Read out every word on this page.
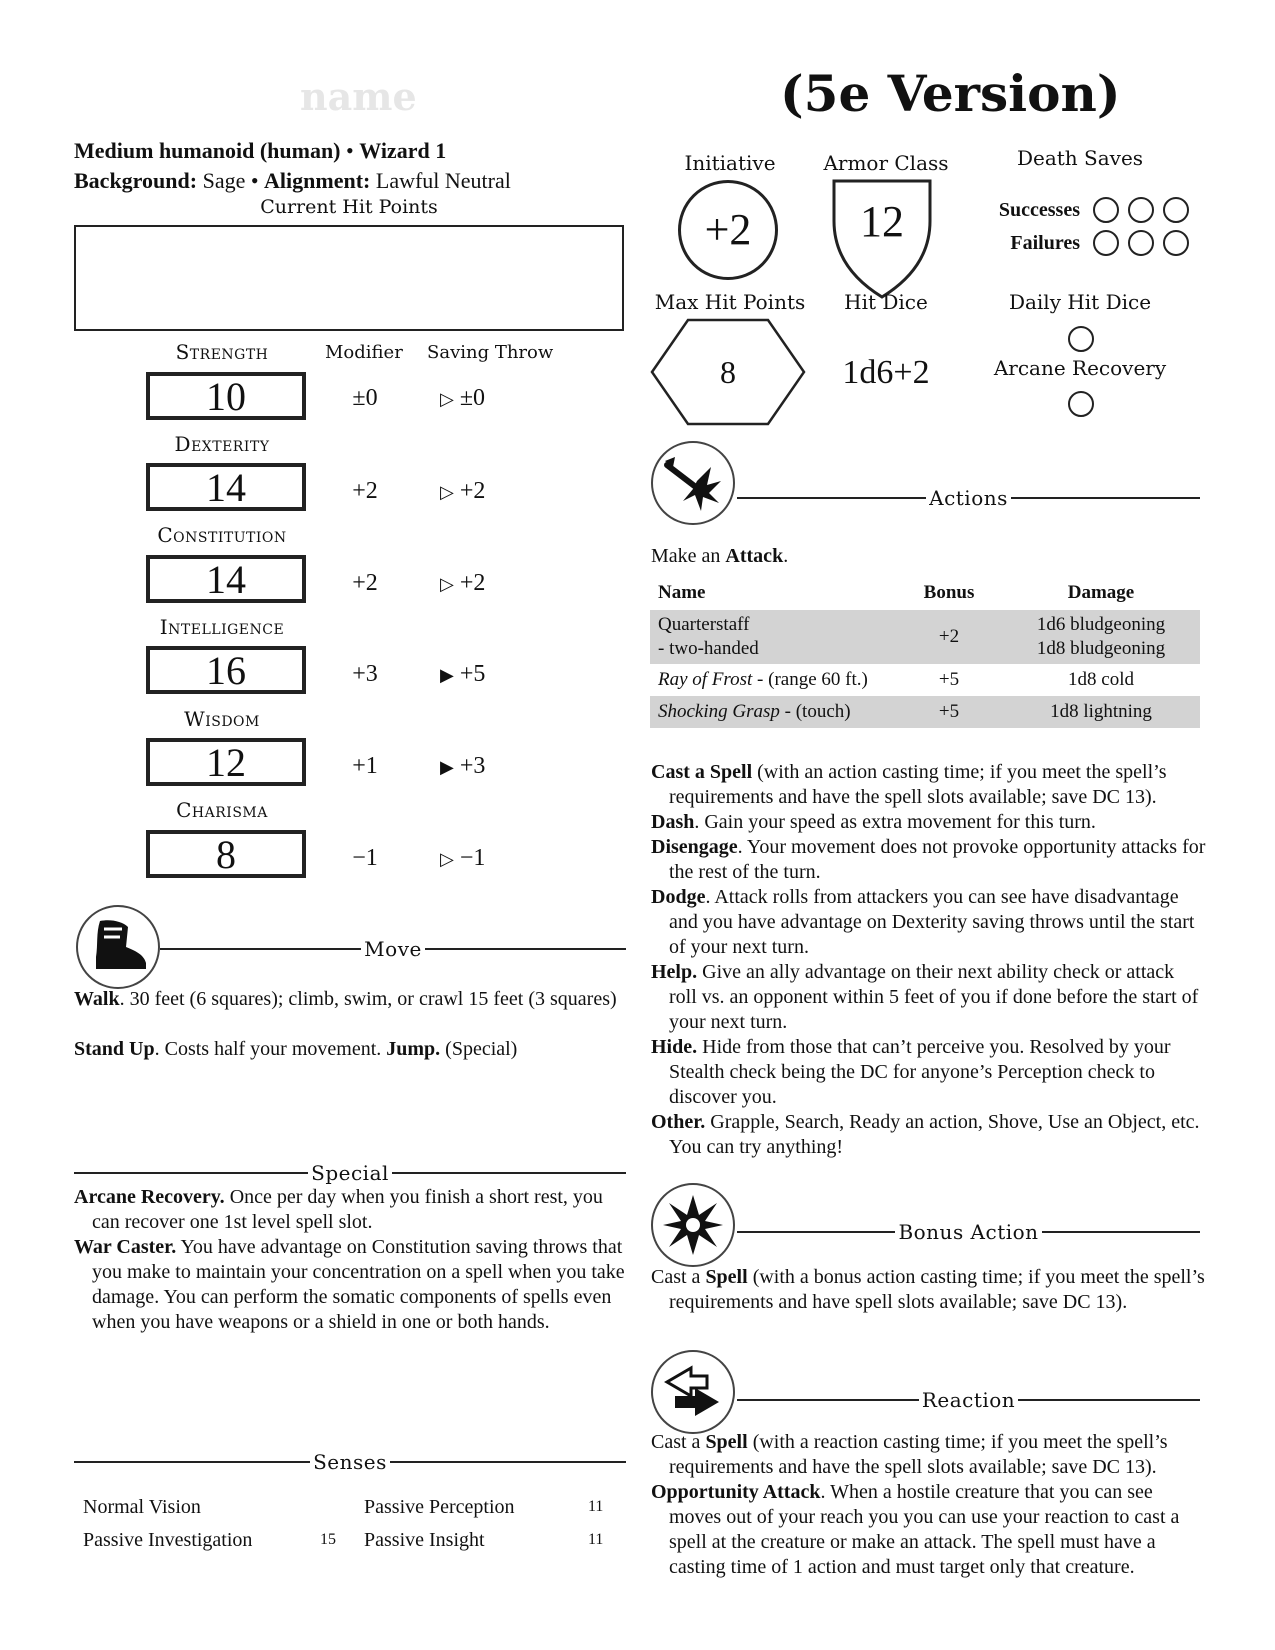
name	(5e Version)
Medium humanoid (human) • Wizard 1
Background: Sage • Alignment: Lawful Neutral
Current Hit Points
Modifier Saving Throw
Strength
10	±0	▷ ±0
Dexterity
14	+2	▷ +2
Constitution
14	+2	▷ +2
Intelligence
16	+3	▶ +5
Wisdom
12	+1	▶ +3
Charisma
8	−1	▷ −1
Move
Walk. 30 feet (6 squares); climb, swim, or crawl 15 feet (3 squares)
Stand Up. Costs half your movement. Jump. (Special)
Special

Arcane Recovery. Once per day when you finish a short rest, you can recover one 1st level spell slot.

War Caster. You have advantage on Constitution saving throws that you make to maintain your concentration on a spell when you take damage. You can perform the somatic components of spells even when you have weapons or a shield in one or both hands.

Senses
Normal Vision
Passive Investigation	15
Passive Perception	11
Passive Insight	11
Initiative
+2
Armor Class
12
Death Saves
Successes
Failures
Max Hit Points
8
Hit Dice
1d6+2
Daily Hit Dice
Arcane Recovery
Actions
Make an Attack.
Name	Bonus	Damage
Quarterstaff
- two-handed	+2	1d6 bludgeoning
1d8 bludgeoning
Ray of Frost - (range 60 ft.)	+5	1d8 cold
Shocking Grasp - (touch)	+5	1d8 lightning

Cast a Spell (with an action casting time; if you meet the spell’s requirements and have the spell slots available; save DC 13).

Dash. Gain your speed as extra movement for this turn.

Disengage. Your movement does not provoke opportunity attacks for the rest of the turn.

Dodge. Attack rolls from attackers you can see have disadvantage and you have advantage on Dexterity saving throws until the start of your next turn.

Help. Give an ally advantage on their next ability check or attack roll vs. an opponent within 5 feet of you if done before the start of your next turn.

Hide. Hide from those that can’t perceive you. Resolved by your Stealth check being the DC for anyone’s Perception check to discover you.

Other. Grapple, Search, Ready an action, Shove, Use an Object, etc. You can try anything!

Bonus Action

Cast a Spell (with a bonus action casting time; if you meet the spell’s requirements and have spell slots available; save DC 13).

Reaction

Cast a Spell (with a reaction casting time; if you meet the spell’s requirements and have the spell slots available; save DC 13).

Opportunity Attack. When a hostile creature that you can see moves out of your reach you you can use your reaction to cast a spell at the creature or make an attack. The spell must have a casting time of 1 action and must target only that creature.
